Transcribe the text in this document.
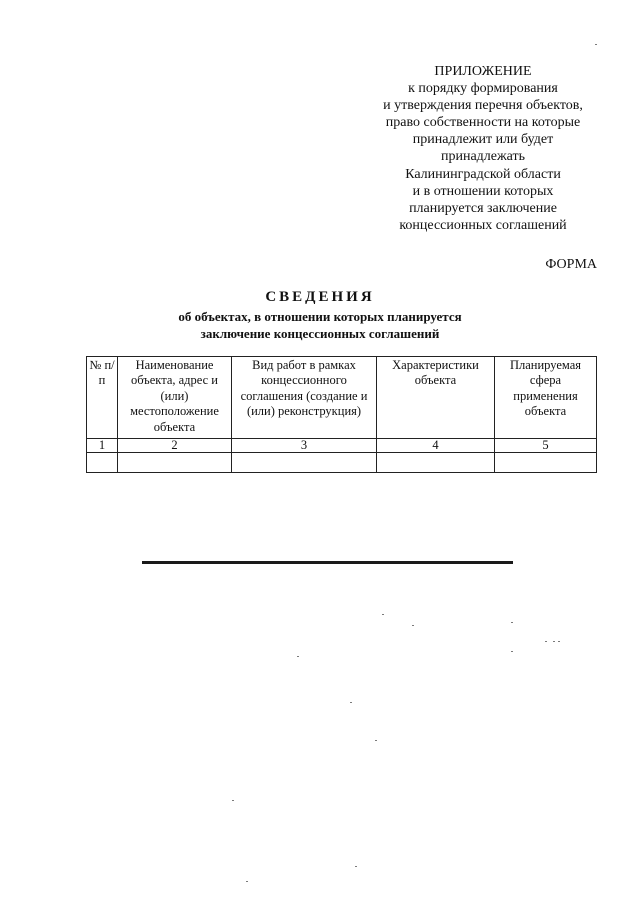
ПРИЛОЖЕНИЕ
к порядку формирования
и утверждения перечня объектов,
право собственности на которые
принадлежит или будет
принадлежать
Калининградской области
и в отношении которых
планируется заключение
концессионных соглашений
ФОРМА
СВЕДЕНИЯ
об объектах, в отношении которых планируется
заключение концессионных соглашений
№ п/п	Наименование объекта, адрес и (или) местоположение объекта	Вид работ в рамках концессионного соглашения (создание и (или) реконструкция)	Характеристики объекта	Планируемая сфера применения объекта
1	2	3	4	5
